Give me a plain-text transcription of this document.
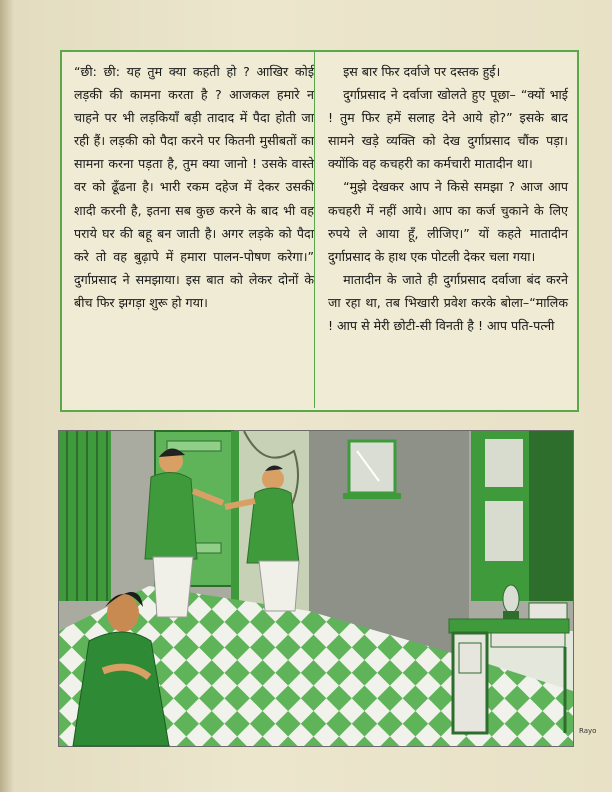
“छी: छी: यह तुम क्या कहती हो ? आखिर कोई लड़की की कामना करता है ? आजकल हमारे न चाहने पर भी लड़कियाँ बड़ी तादाद में पैदा होती जा रही हैं। लड़की को पैदा करने पर कितनी मुसीबतों का सामना करना पड़ता है, तुम क्या जानो ! उसके वास्ते वर को ढूँढना है। भारी रकम दहेज में देकर उसकी शादी करनी है, इतना सब कुछ करने के बाद भी वह पराये घर की बहू बन जाती है। अगर लड़के को पैदा करे तो वह बुढ़ापे में हमारा पालन-पोषण करेगा।” दुर्गाप्रसाद ने समझाया। इस बात को लेकर दोनों के बीच फिर झगड़ा शुरू हो गया।

इस बार फिर दर्वाजे पर दस्तक हुई।

दुर्गाप्रसाद ने दर्वाजा खोलते हुए पूछा– “क्यों भाई ! तुम फिर हमें सलाह देने आये हो?” इसके बाद सामने खड़े व्यक्ति को देख दुर्गाप्रसाद चौंक पड़ा। क्योंकि वह कचहरी का कर्मचारी मातादीन था।

“मुझे देखकर आप ने किसे समझा ? आज आप कचहरी में नहीं आये। आप का कर्ज चुकाने के लिए रुपये ले आया हूँ, लीजिए।” यों कहते मातादीन दुर्गाप्रसाद के हाथ एक पोटली देकर चला गया।

मातादीन के जाते ही दुर्गाप्रसाद दर्वाजा बंद करने जा रहा था, तब भिखारी प्रवेश करके बोला–“मालिक ! आप से मेरी छोटी-सी विनती है ! आप पति-पत्नी

Rayo
